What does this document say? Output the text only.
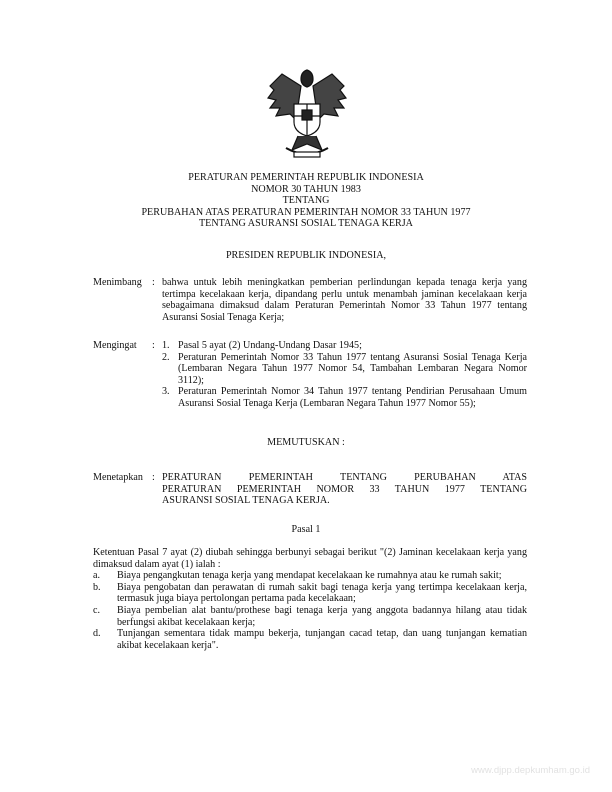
PERATURAN PEMERINTAH REPUBLIK INDONESIA
NOMOR 30 TAHUN 1983
TENTANG
PERUBAHAN ATAS PERATURAN PEMERINTAH NOMOR 33 TAHUN 1977
TENTANG ASURANSI SOSIAL TENAGA KERJA
PRESIDEN REPUBLIK INDONESIA,
Menimbang : bahwa untuk lebih meningkatkan pemberian perlindungan kepada tenaga kerja yang tertimpa kecelakaan kerja, dipandang perlu untuk menambah jaminan kecelakaan kerja sebagaimana dimaksud dalam Peraturan Pemerintah Nomor 33 Tahun 1977 tentang Asuransi Sosial Tenaga Kerja;
Mengingat : 1. Pasal 5 ayat (2) Undang-Undang Dasar 1945;
2. Peraturan Pemerintah Nomor 33 Tahun 1977 tentang Asuransi Sosial Tenaga Kerja (Lembaran Negara Tahun 1977 Nomor 54, Tambahan Lembaran Negara Nomor 3112);
3. Peraturan Pemerintah Nomor 34 Tahun 1977 tentang Pendirian Perusahaan Umum Asuransi Sosial Tenaga Kerja (Lembaran Negara Tahun 1977 Nomor 55);
MEMUTUSKAN :
Menetapkan : PERATURAN PEMERINTAH TENTANG PERUBAHAN ATAS
PERATURAN PEMERINTAH NOMOR 33 TAHUN 1977 TENTANG
ASURANSI SOSIAL TENAGA KERJA.
Pasal 1
Ketentuan Pasal 7 ayat (2) diubah sehingga berbunyi sebagai berikut "(2) Jaminan kecelakaan kerja yang dimaksud dalam ayat (1) ialah :
a. Biaya pengangkutan tenaga kerja yang mendapat kecelakaan ke rumahnya atau ke rumah sakit;
b. Biaya pengobatan dan perawatan di rumah sakit bagi tenaga kerja yang tertimpa kecelakaan kerja, termasuk juga biaya pertolongan pertama pada kecelakaan;
c. Biaya pembelian alat bantu/prothese bagi tenaga kerja yang anggota badannya hilang atau tidak berfungsi akibat kecelakaan kerja;
d. Tunjangan sementara tidak mampu bekerja, tunjangan cacad tetap, dan uang tunjangan kematian akibat kecelakaan kerja".
www.djpp.depkumham.go.id
